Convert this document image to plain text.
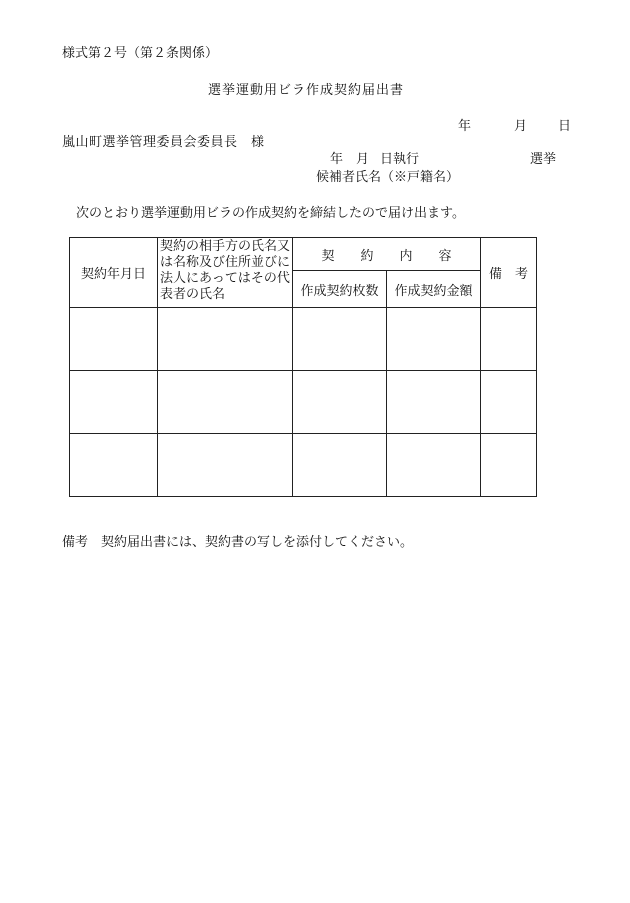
様式第２号（第２条関係）
選挙運動用ビラ作成契約届出書
年	月 日
嵐山町選挙管理委員会委員長　様
年 月 日執行	選挙
候補者氏名（※戸籍名）
次のとおり選挙運動用ビラの作成契約を締結したので届け出ます。
契約年月日	契約の相手方の氏名又は名称及び住所並びに法人にあってはその代表者の氏名	契　　約　　内　　容		備　考
		作成契約枚数	作成契約金額	

備考　契約届出書には、契約書の写しを添付してください。
